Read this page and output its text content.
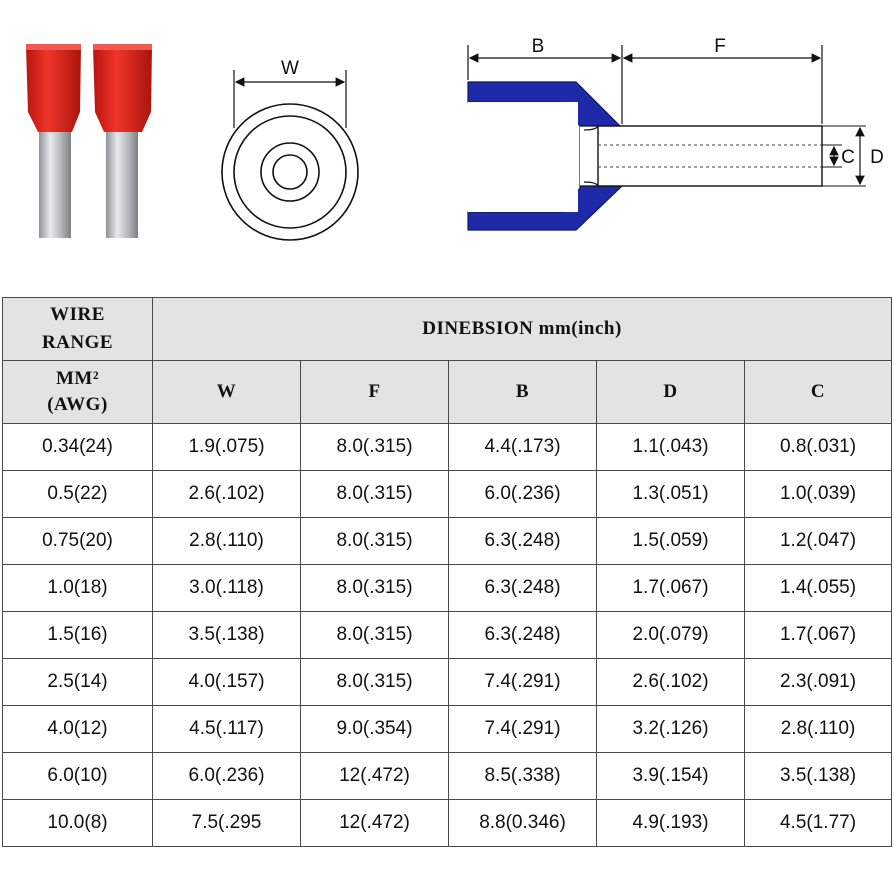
W
B	F
C D
WIRE
RANGE	DINEBSION mm(inch)				
MM²
(AWG)	W	F	B	D	C
0.34(24)	1.9(.075)	8.0(.315)	4.4(.173)	1.1(.043)	0.8(.031)
0.5(22)	2.6(.102)	8.0(.315)	6.0(.236)	1.3(.051)	1.0(.039)
0.75(20)	2.8(.110)	8.0(.315)	6.3(.248)	1.5(.059)	1.2(.047)
1.0(18)	3.0(.118)	8.0(.315)	6.3(.248)	1.7(.067)	1.4(.055)
1.5(16)	3.5(.138)	8.0(.315)	6.3(.248)	2.0(.079)	1.7(.067)
2.5(14)	4.0(.157)	8.0(.315)	7.4(.291)	2.6(.102)	2.3(.091)
4.0(12)	4.5(.117)	9.0(.354)	7.4(.291)	3.2(.126)	2.8(.110)
6.0(10)	6.0(.236)	12(.472)	8.5(.338)	3.9(.154)	3.5(.138)
10.0(8)	7.5(.295	12(.472)	8.8(0.346)	4.9(.193)	4.5(1.77)
